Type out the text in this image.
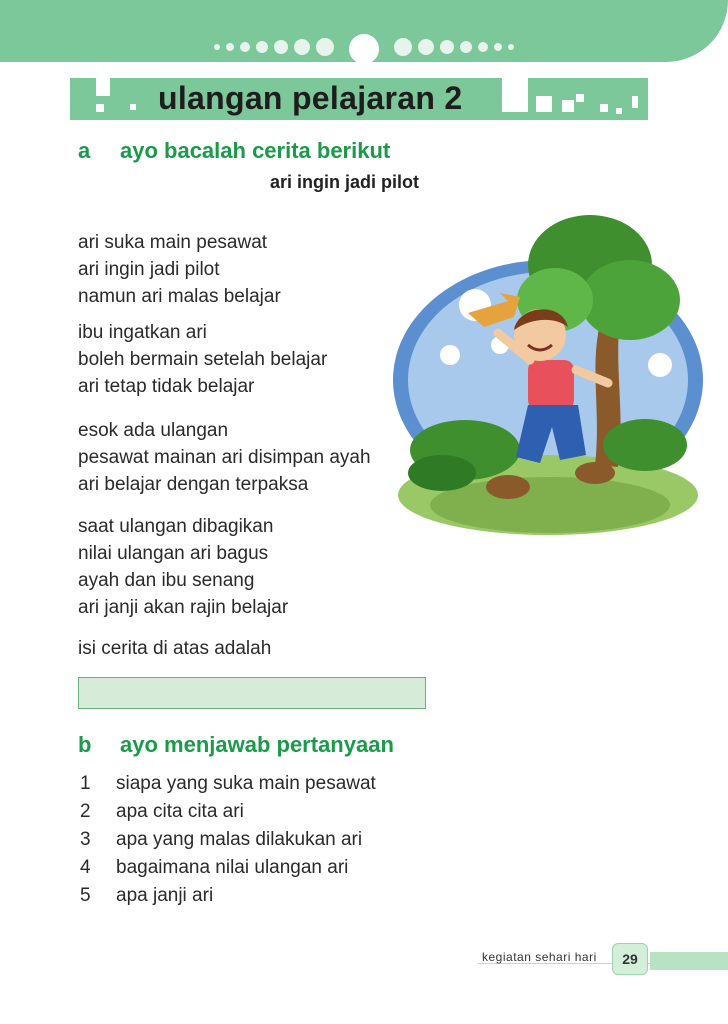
ulangan pelajaran 2
a ayo bacalah cerita berikut
ari ingin jadi pilot
ari suka main pesawat
ari ingin jadi pilot
namun ari malas belajar
ibu ingatkan ari
boleh bermain setelah belajar
ari tetap tidak belajar
esok ada ulangan
pesawat mainan ari disimpan ayah
ari belajar dengan terpaksa
saat ulangan dibagikan
nilai ulangan ari bagus
ayah dan ibu senang
ari janji akan rajin belajar
isi cerita di atas adalah
b ayo menjawab pertanyaan
1	siapa yang suka main pesawat
2	apa cita cita ari
3	apa yang malas dilakukan ari
4	bagaimana nilai ulangan ari
5	apa janji ari
kegiatan sehari hari	29
